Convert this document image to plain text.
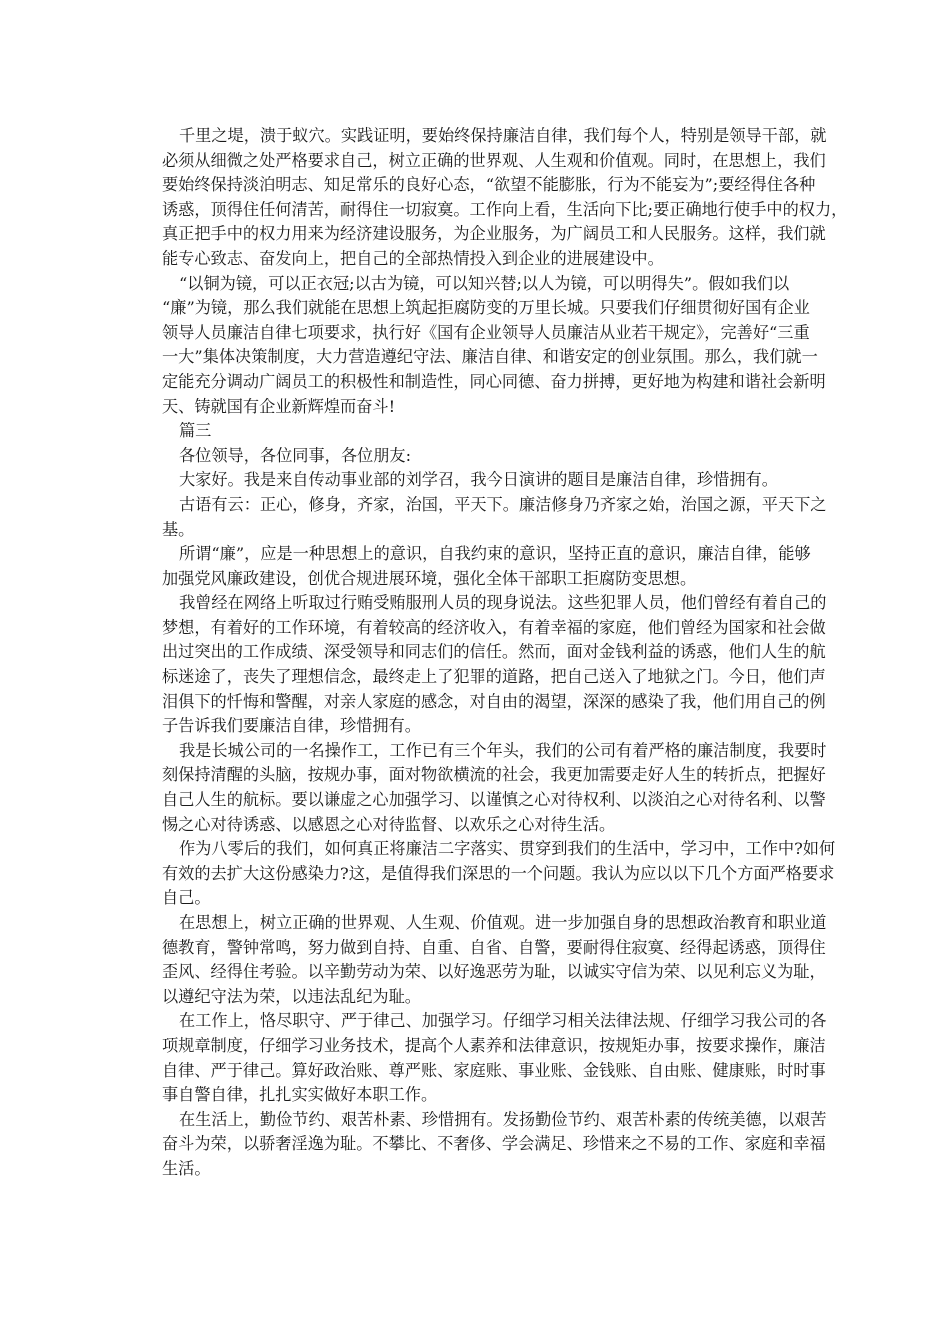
千里之堤，溃于蚁穴。实践证明，要始终保持廉洁自律，我们每个人，特别是领导干部，就
必须从细微之处严格要求自己，树立正确的世界观、人生观和价值观。同时，在思想上，我们
要始终保持淡泊明志、知足常乐的良好心态，“欲望不能膨胀，行为不能妄为”;要经得住各种
诱惑，顶得住任何清苦，耐得住一切寂寞。工作向上看，生活向下比;要正确地行使手中的权力，
真正把手中的权力用来为经济建设服务，为企业服务，为广阔员工和人民服务。这样，我们就
能专心致志、奋发向上，把自己的全部热情投入到企业的进展建设中。
“以铜为镜，可以正衣冠;以古为镜，可以知兴替;以人为镜，可以明得失”。假如我们以
“廉”为镜，那么我们就能在思想上筑起拒腐防变的万里长城。只要我们仔细贯彻好国有企业
领导人员廉洁自律七项要求，执行好《国有企业领导人员廉洁从业若干规定》，完善好“三重
一大”集体决策制度，大力营造遵纪守法、廉洁自律、和谐安定的创业氛围。那么，我们就一
定能充分调动广阔员工的积极性和制造性，同心同德、奋力拼搏，更好地为构建和谐社会新明
天、铸就国有企业新辉煌而奋斗!
篇三
各位领导，各位同事，各位朋友:
大家好。我是来自传动事业部的刘学召，我今日演讲的题目是廉洁自律，珍惜拥有。
古语有云：正心，修身，齐家，治国，平天下。廉洁修身乃齐家之始，治国之源，平天下之
基。
所谓“廉”，应是一种思想上的意识，自我约束的意识，坚持正直的意识，廉洁自律，能够
加强党风廉政建设，创优合规进展环境，强化全体干部职工拒腐防变思想。
我曾经在网络上听取过行贿受贿服刑人员的现身说法。这些犯罪人员，他们曾经有着自己的
梦想，有着好的工作环境，有着较高的经济收入，有着幸福的家庭，他们曾经为国家和社会做
出过突出的工作成绩、深受领导和同志们的信任。然而，面对金钱利益的诱惑，他们人生的航
标迷途了，丧失了理想信念，最终走上了犯罪的道路，把自己送入了地狱之门。今日，他们声
泪俱下的忏悔和警醒，对亲人家庭的感念，对自由的渴望，深深的感染了我，他们用自己的例
子告诉我们要廉洁自律，珍惜拥有。
我是长城公司的一名操作工，工作已有三个年头，我们的公司有着严格的廉洁制度，我要时
刻保持清醒的头脑，按规办事，面对物欲横流的社会，我更加需要走好人生的转折点，把握好
自己人生的航标。要以谦虚之心加强学习、以谨慎之心对待权利、以淡泊之心对待名利、以警
惕之心对待诱惑、以感恩之心对待监督、以欢乐之心对待生活。
作为八零后的我们，如何真正将廉洁二字落实、贯穿到我们的生活中，学习中，工作中?如何
有效的去扩大这份感染力?这，是值得我们深思的一个问题。我认为应以以下几个方面严格要求
自己。
在思想上，树立正确的世界观、人生观、价值观。进一步加强自身的思想政治教育和职业道
德教育，警钟常鸣，努力做到自持、自重、自省、自警，要耐得住寂寞、经得起诱惑，顶得住
歪风、经得住考验。以辛勤劳动为荣、以好逸恶劳为耻，以诚实守信为荣、以见利忘义为耻，
以遵纪守法为荣，以违法乱纪为耻。
在工作上，恪尽职守、严于律己、加强学习。仔细学习相关法律法规、仔细学习我公司的各
项规章制度，仔细学习业务技术，提高个人素养和法律意识，按规矩办事，按要求操作，廉洁
自律、严于律己。算好政治账、尊严账、家庭账、事业账、金钱账、自由账、健康账，时时事
事自警自律，扎扎实实做好本职工作。
在生活上，勤俭节约、艰苦朴素、珍惜拥有。发扬勤俭节约、艰苦朴素的传统美德，以艰苦
奋斗为荣，以骄奢淫逸为耻。不攀比、不奢侈、学会满足、珍惜来之不易的工作、家庭和幸福
生活。
